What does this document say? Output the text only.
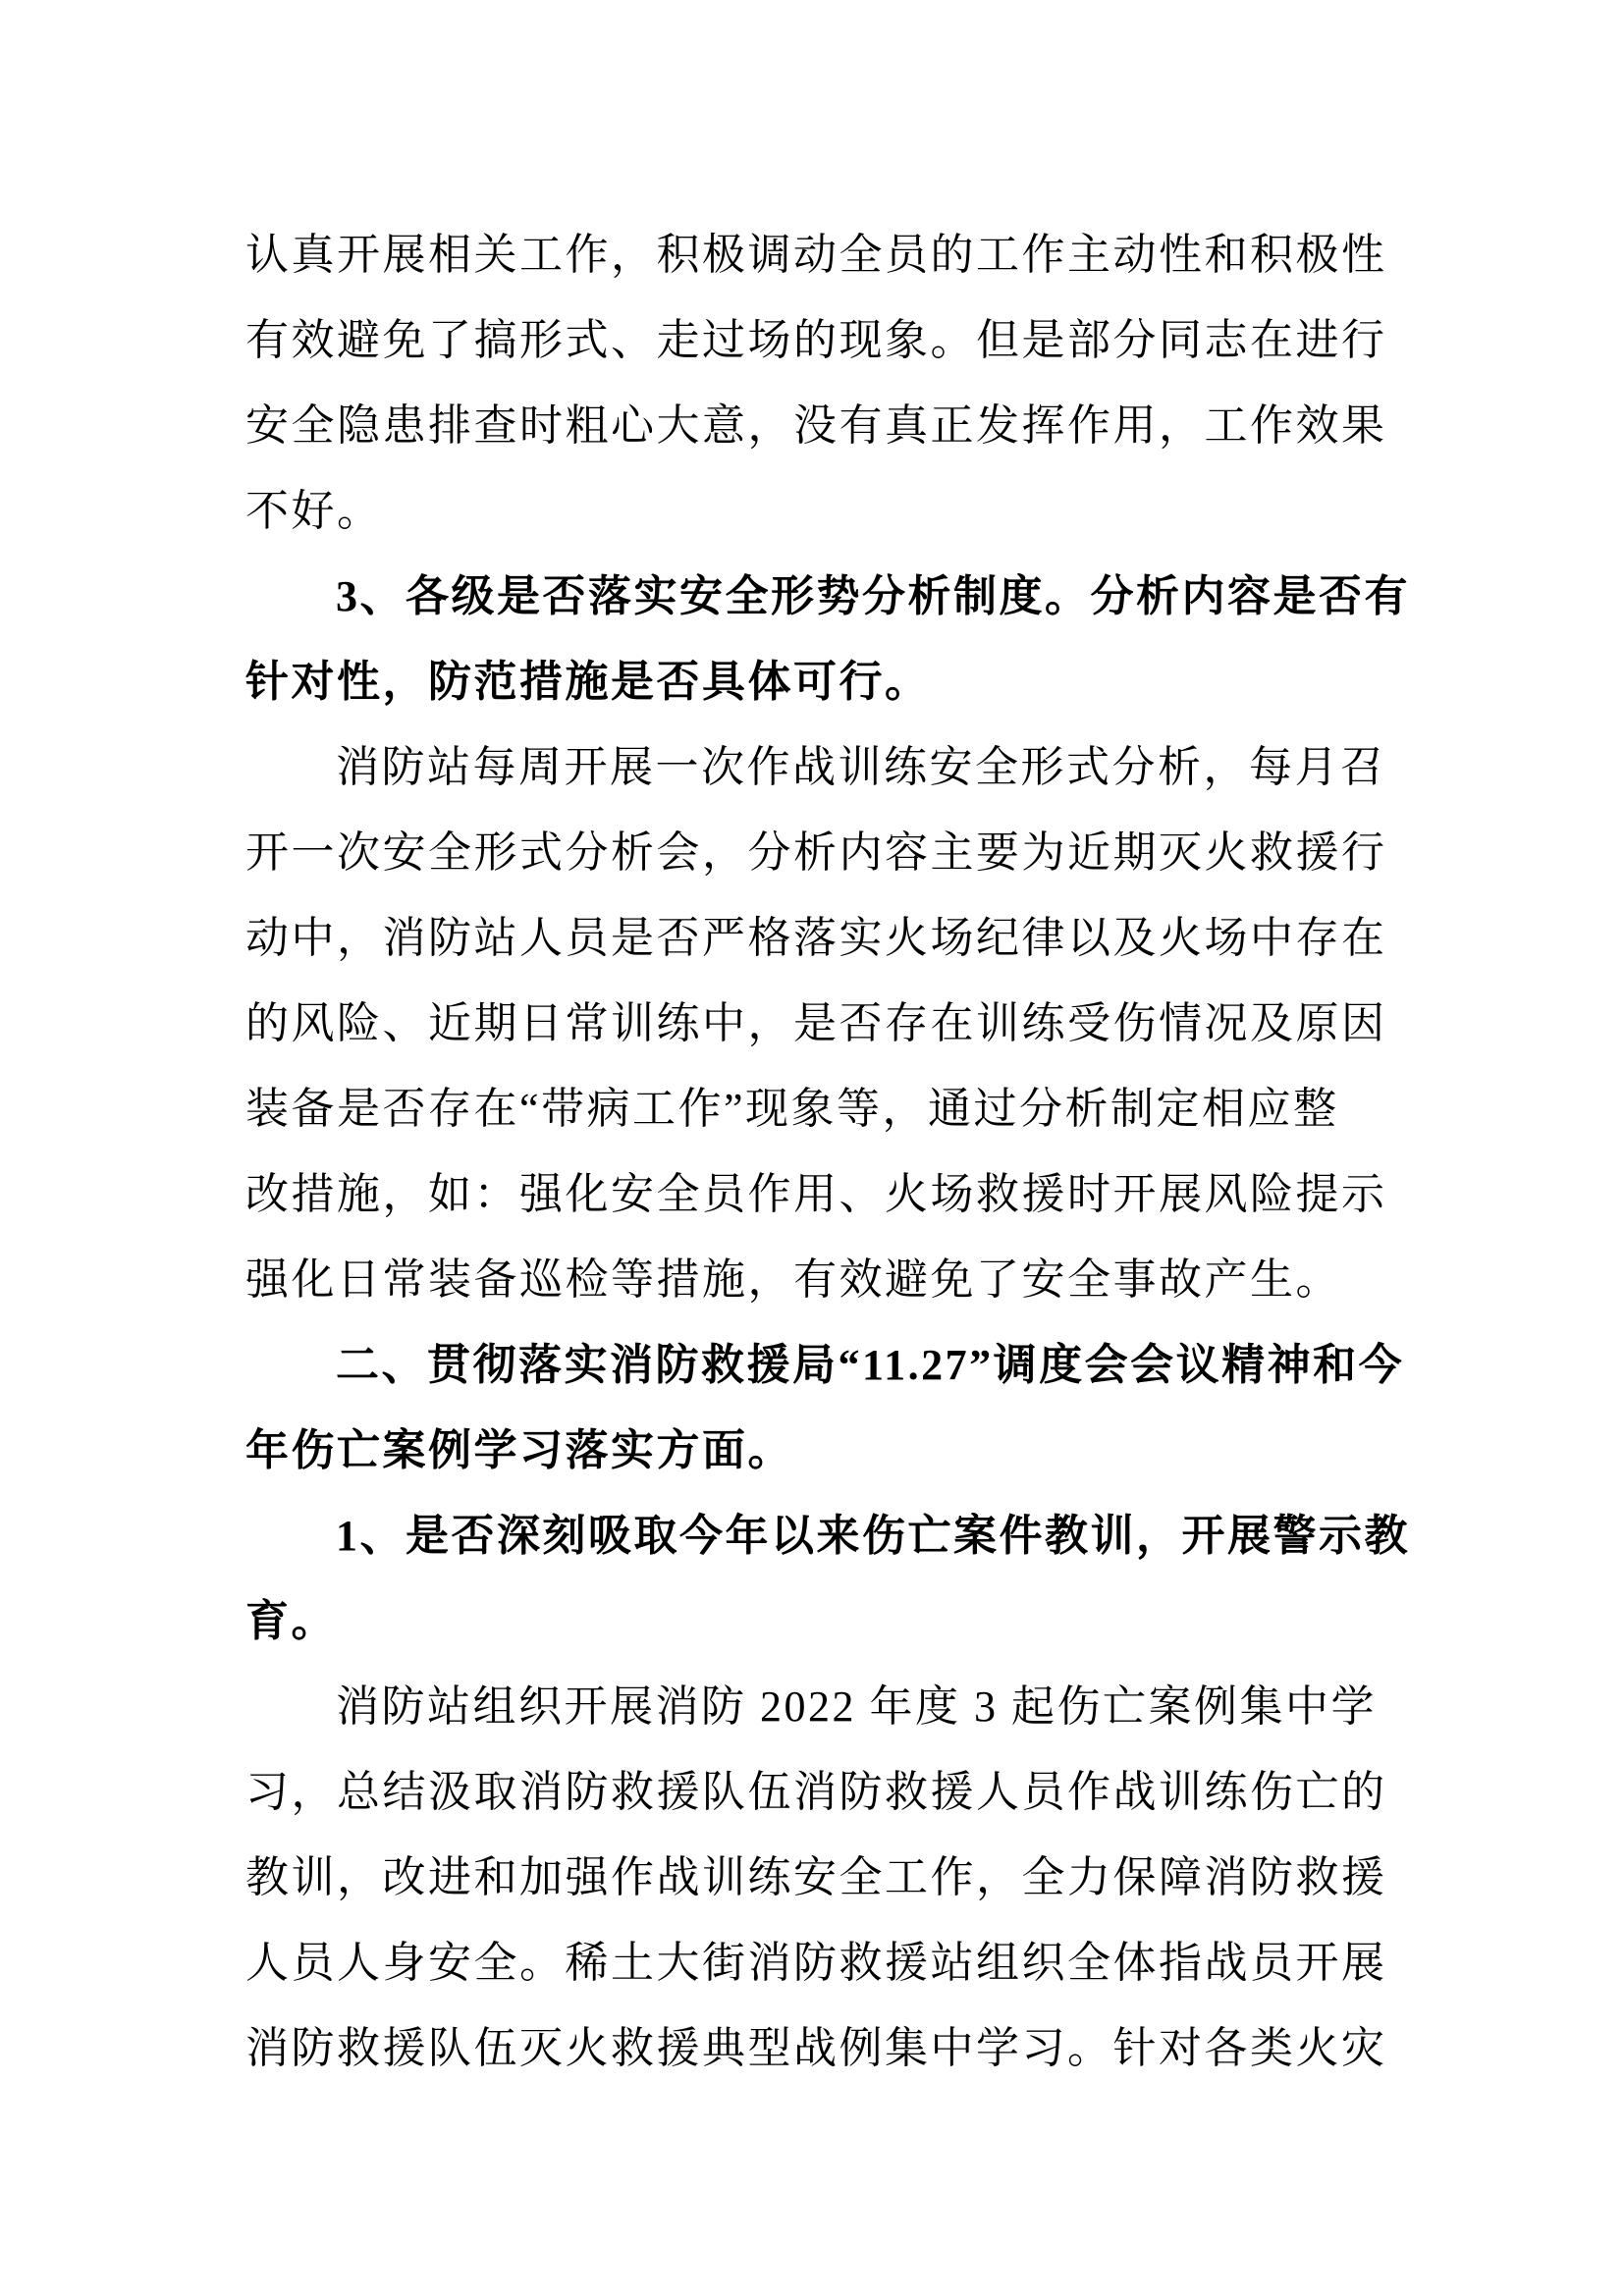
认真开展相关工作，积极调动全员的工作主动性和积极性
有效避免了搞形式、走过场的现象。但是部分同志在进行
安全隐患排查时粗心大意，没有真正发挥作用，工作效果
不好。
3、各级是否落实安全形势分析制度。分析内容是否有
针对性，防范措施是否具体可行。
消防站每周开展一次作战训练安全形式分析，每月召
开一次安全形式分析会，分析内容主要为近期灭火救援行
动中，消防站人员是否严格落实火场纪律以及火场中存在
的风险、近期日常训练中，是否存在训练受伤情况及原因
装备是否存在“带病工作”现象等，通过分析制定相应整
改措施，如：强化安全员作用、火场救援时开展风险提示
强化日常装备巡检等措施，有效避免了安全事故产生。
二、贯彻落实消防救援局“11.27”调度会会议精神和今
年伤亡案例学习落实方面。
1、是否深刻吸取今年以来伤亡案件教训，开展警示教
育。
消防站组织开展消防 2022 年度 3 起伤亡案例集中学
习，总结汲取消防救援队伍消防救援人员作战训练伤亡的
教训，改进和加强作战训练安全工作，全力保障消防救援
人员人身安全。稀土大街消防救援站组织全体指战员开展
消防救援队伍灭火救援典型战例集中学习。针对各类火灾
